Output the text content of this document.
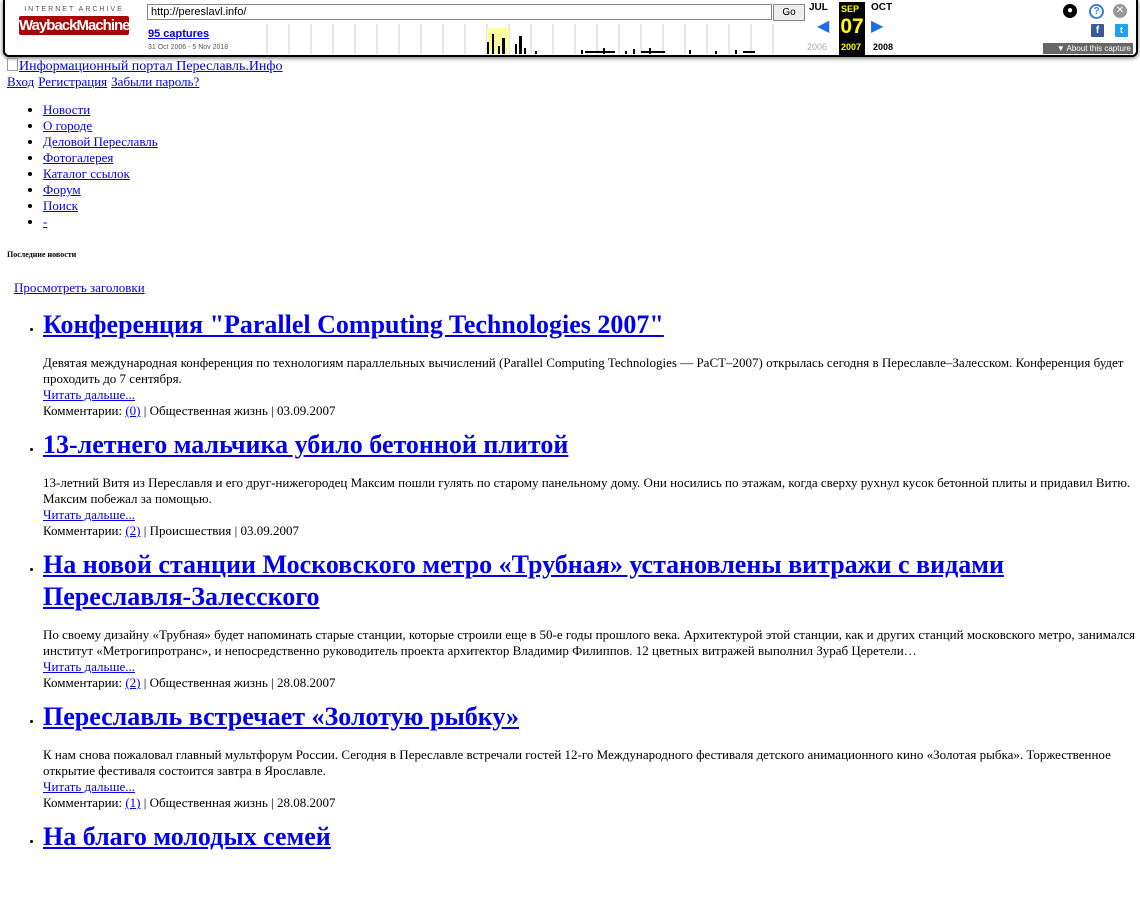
INTERNET ARCHIVE
WaybackMachine
http://pereslavl.info/	Go
95 captures
31 Oct 2006 - 5 Nov 2018
JUL SEP
07
2007
OCT
◀	▶
2006	2008
●	?	✕
f	t
▼ About this capture
Информационный портал Переславль.Инфо
Вход Регистрация Забыли пароль?
• Новости
• О городе
• Деловой Переславль
• Фотогалерея
• Каталог ссылок
• Форум
• Поиск
• -
Последние новости
Просмотреть заголовки
• Конференция "Parallel Computing Technologies 2007"
Девятая международная конференция по технологиям параллельных вычислений (Parallel Computing Technologies — PaCT–2007) открылась сегодня в Переславле–Залесском. Конференция будет проходить до 7 сентября.
Читать дальше...
Комментарии: (0) | Общественная жизнь | 03.09.2007
• 13-летнего мальчика убило бетонной плитой
13-летний Витя из Переславля и его друг-нижегородец Максим пошли гулять по старому панельному дому. Они носились по этажам, когда сверху рухнул кусок бетонной плиты и придавил Витю. Максим побежал за помощью.
Читать дальше...
Комментарии: (2) | Происшествия | 03.09.2007
• На новой станции Московского метро «Трубная» установлены витражи с видами Переславля-Залесского
По своему дизайну «Трубная» будет напоминать старые станции, которые строили еще в 50-е годы прошлого века. Архитектурой этой станции, как и других станций московского метро, занимался институт «Метрогипротранс», и непосредственно руководитель проекта архитектор Владимир Филиппов. 12 цветных витражей выполнил Зураб Церетели…
Читать дальше...
Комментарии: (2) | Общественная жизнь | 28.08.2007
• Переславль встречает «Золотую рыбку»
К нам снова пожаловал главный мультфорум России. Сегодня в Переславле встречали гостей 12-го Международного фестиваля детского анимационного кино «Золотая рыбка». Торжественное открытие фестиваля состоится завтра в Ярославле.
Читать дальше...
Комментарии: (1) | Общественная жизнь | 28.08.2007
• На благо молодых семей
